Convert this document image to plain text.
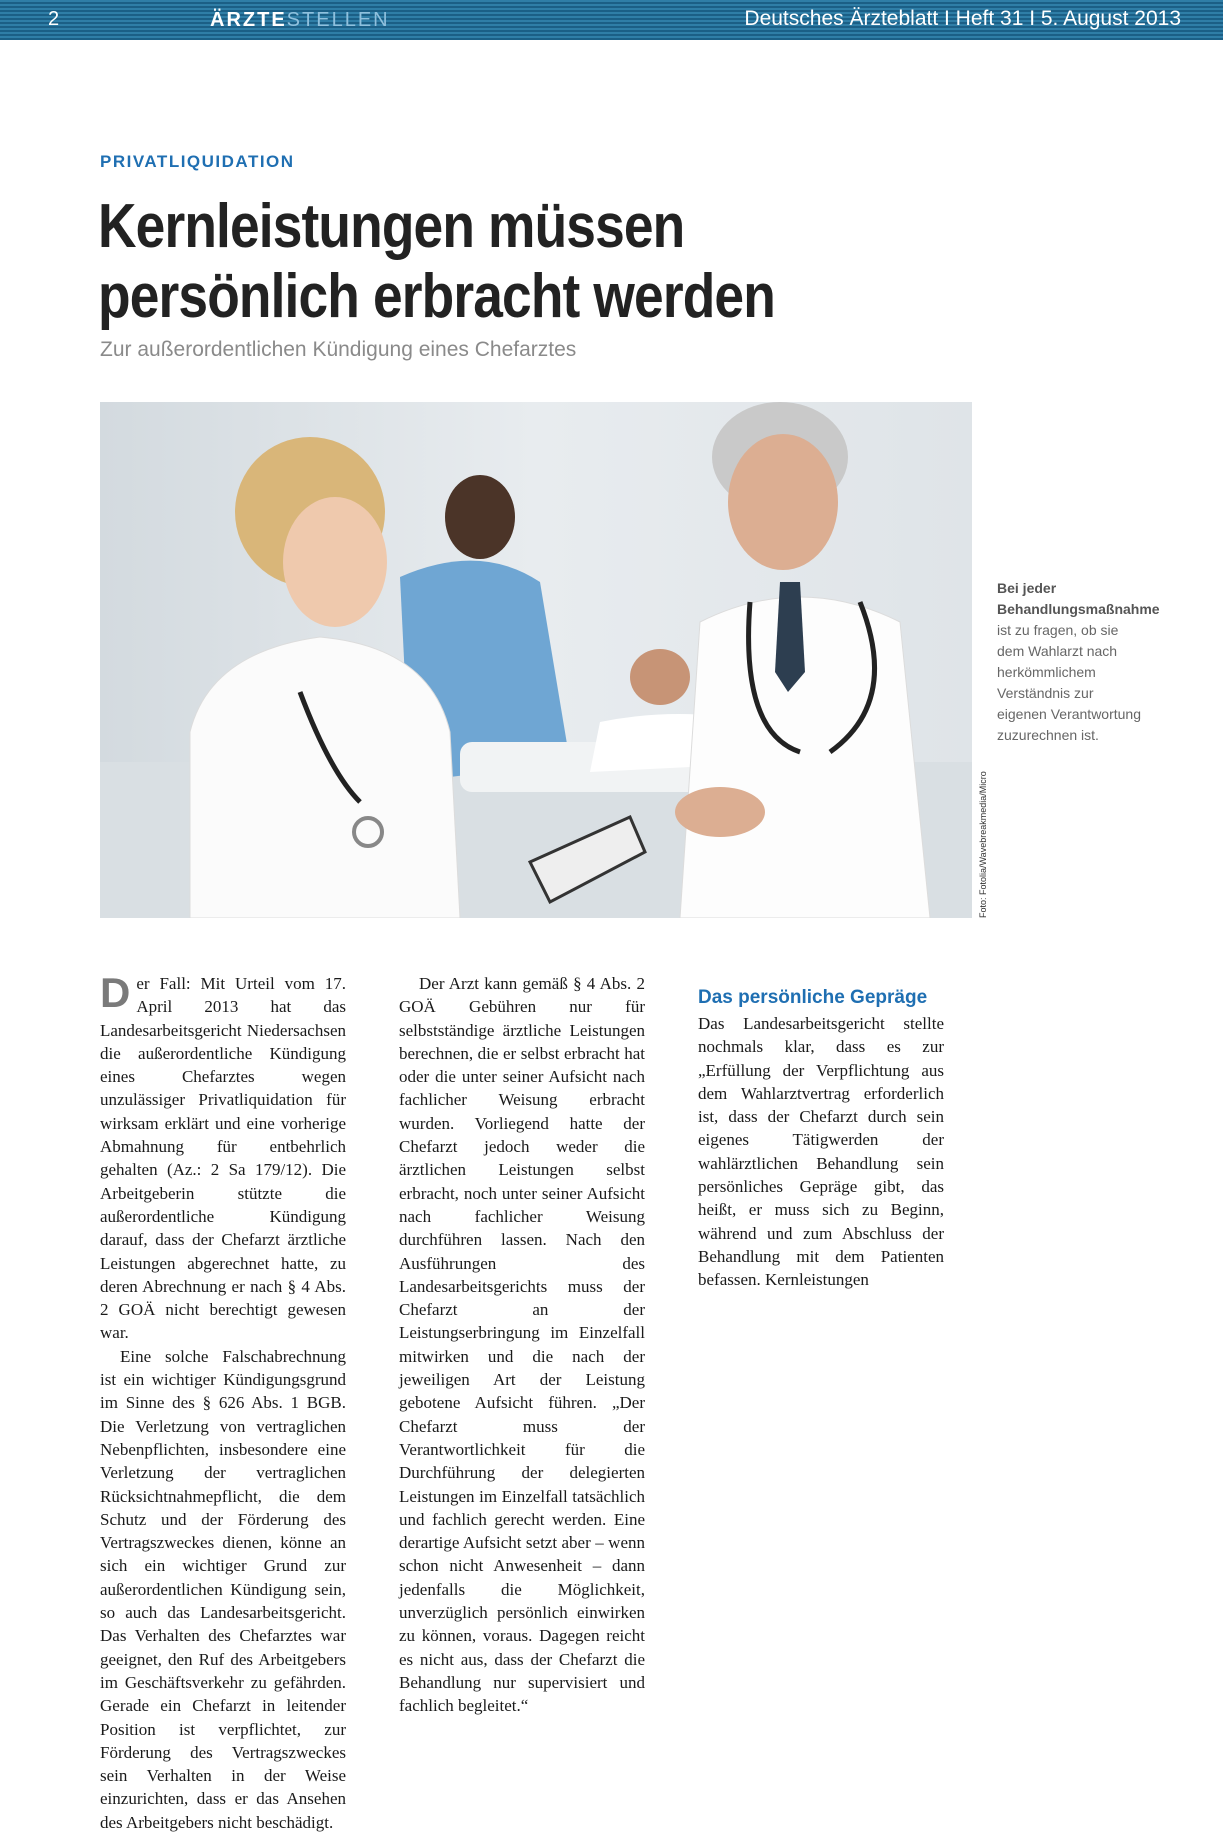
2	ÄRZTESTELLEN	Deutsches Ärzteblatt I Heft 31 I 5. August 2013
PRIVATLIQUIDATION
Kernleistungen müssen persönlich erbracht werden
Zur außerordentlichen Kündigung eines Chefarztes
Foto: Fotolia/Wavebreakmedia/Micro
Bei jeder Behandlungsmaßnahme
ist zu fragen, ob sie dem Wahlarzt nach herkömmlichem Verständnis zur eigenen Verantwortung zuzurechnen ist.

Der Fall: Mit Urteil vom 17. April 2013 hat das Landesarbeitsgericht Niedersachsen die außerordentliche Kündigung eines Chefarztes wegen unzulässiger Privatliquidation für wirksam erklärt und eine vorherige Abmahnung für entbehrlich gehalten (Az.: 2 Sa 179/12). Die Arbeitgeberin stützte die außerordentliche Kündigung darauf, dass der Chefarzt ärztliche Leistungen abgerechnet hatte, zu deren Abrechnung er nach § 4 Abs. 2 GOÄ nicht berechtigt gewesen war.

Eine solche Falschabrechnung ist ein wichtiger Kündigungsgrund im Sinne des § 626 Abs. 1 BGB. Die Verletzung von vertraglichen Nebenpflichten, insbesondere eine Verletzung der vertraglichen Rücksichtnahmepflicht, die dem Schutz und der Förderung des Vertragszweckes dienen, könne an sich ein wichtiger Grund zur außerordentlichen Kündigung sein, so auch das Landesarbeitsgericht. Das Verhalten des Chefarztes war geeignet, den Ruf des Arbeitgebers im Geschäftsverkehr zu gefährden. Gerade ein Chefarzt in leitender Position ist verpflichtet, zur Förderung des Vertragszweckes sein Verhalten in der Weise einzurichten, dass er das Ansehen des Arbeitgebers nicht beschädigt.

Der Arzt kann gemäß § 4 Abs. 2 GOÄ Gebühren nur für selbstständige ärztliche Leistungen berechnen, die er selbst erbracht hat oder die unter seiner Aufsicht nach fachlicher Weisung erbracht wurden. Vorliegend hatte der Chefarzt jedoch weder die ärztlichen Leistungen selbst erbracht, noch unter seiner Aufsicht nach fachlicher Weisung durchführen lassen. Nach den Ausführungen des Landesarbeitsgerichts muss der Chefarzt an der Leistungserbringung im Einzelfall mitwirken und die nach der jeweiligen Art der Leistung gebotene Aufsicht führen. „Der Chefarzt muss der Verantwortlichkeit für die Durchführung der delegierten Leistungen im Einzelfall tatsächlich und fachlich gerecht werden. Eine derartige Aufsicht setzt aber – wenn schon nicht Anwesenheit – dann jedenfalls die Möglichkeit, unverzüglich persönlich einwirken zu können, voraus. Dagegen reicht es nicht aus, dass der Chefarzt die Behandlung nur supervisiert und fachlich begleitet.“

Das persönliche Gepräge

Das Landesarbeitsgericht stellte nochmals klar, dass es zur „Erfüllung der Verpflichtung aus dem Wahlarztvertrag erforderlich ist, dass der Chefarzt durch sein eigenes Tätigwerden der wahlärztlichen Behandlung sein persönliches Gepräge gibt, das heißt, er muss sich zu Beginn, während und zum Abschluss der Behandlung mit dem Patienten befassen. Kernleistungen
